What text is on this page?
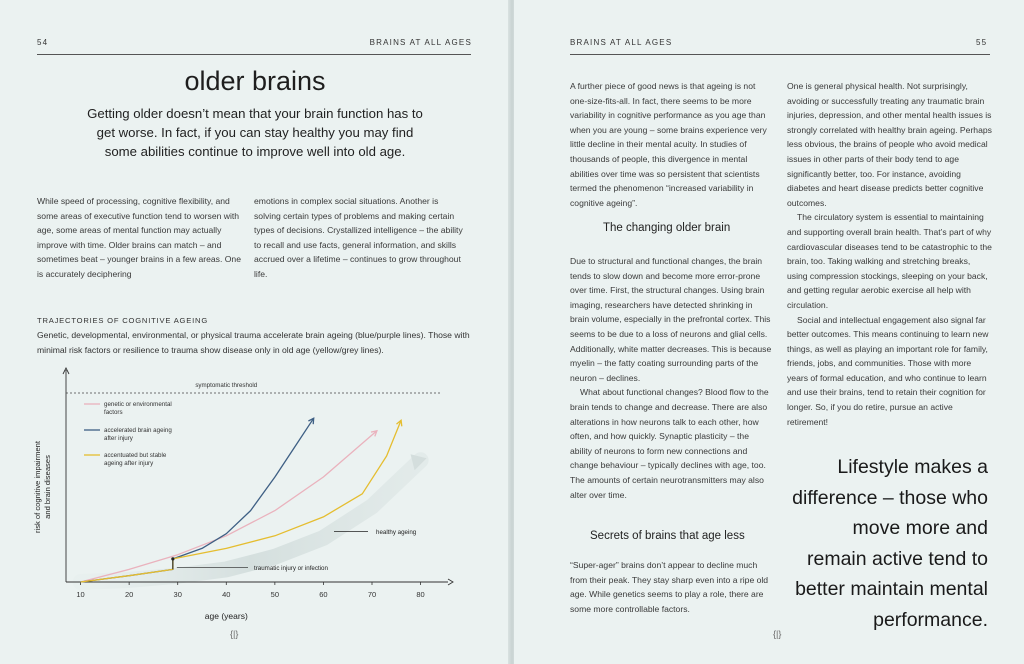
54	BRAINS AT ALL AGES
older brains
Getting older doesn’t mean that your brain function has to get worse. In fact, if you can stay healthy you may find some abilities continue to improve well into old age.

While speed of processing, cognitive flexibility, and some areas of executive function tend to worsen with age, some areas of mental function may actually improve with time. Older brains can match – and sometimes beat – younger brains in a few areas. One is accurately deciphering

emotions in complex social situations. Another is solving certain types of problems and making certain types of decisions. Crystallized intelligence – the ability to recall and use facts, general information, and skills accrued over a lifetime – continues to grow throughout life.

TRAJECTORIES OF COGNITIVE AGEING
Genetic, developmental, environmental, or physical trauma accelerate brain ageing (blue/purple lines). Those with minimal risk factors or resilience to trauma show disease only in old age (yellow/grey lines).
10	20	30	40	50	60	70	80
age (years)
risk of cognitive impairment and brain diseases
symptomatic threshold
traumatic injury or infection
healthy ageing
genetic or environmental
factors
accelerated brain ageing
after injury
accentuated but stable
ageing after injury
{|}
BRAINS AT ALL AGES	55

A further piece of good news is that ageing is not one-size-fits-all. In fact, there seems to be more variability in cognitive performance as you age than when you are young – some brains experience very little decline in their mental acuity. In studies of thousands of people, this divergence in mental abilities over time was so persistent that scientists termed the phenomenon “increased variability in cognitive ageing”.

The changing older brain

Due to structural and functional changes, the brain tends to slow down and become more error-prone over time. First, the structural changes. Using brain imaging, researchers have detected shrinking in brain volume, especially in the prefrontal cortex. This seems to be due to a loss of neurons and glial cells. Additionally, white matter decreases. This is because myelin – the fatty coating surrounding parts of the neuron – declines.

What about functional changes? Blood flow to the brain tends to change and decrease. There are also alterations in how neurons talk to each other, how often, and how quickly. Synaptic plasticity – the ability of neurons to form new connections and change behaviour – typically declines with age, too. The amounts of certain neurotransmitters may also alter over time.

Secrets of brains that age less

“Super-ager” brains don’t appear to decline much from their peak. They stay sharp even into a ripe old age. While genetics seems to play a role, there are some more controllable factors.

One is general physical health. Not surprisingly, avoiding or successfully treating any traumatic brain injuries, depression, and other mental health issues is strongly correlated with healthy brain ageing. Perhaps less obvious, the brains of people who avoid medical issues in other parts of their body tend to age significantly better, too. For instance, avoiding diabetes and heart disease predicts better cognitive outcomes.

The circulatory system is essential to maintaining and supporting overall brain health. That’s part of why cardiovascular diseases tend to be catastrophic to the brain, too. Taking walking and stretching breaks, using compression stockings, sleeping on your back, and getting regular aerobic exercise all help with circulation.

Social and intellectual engagement also signal far better outcomes. This means continuing to learn new things, as well as playing an important role for family, friends, jobs, and communities. Those with more years of formal education, and who continue to learn and use their brains, tend to retain their cognition for longer. So, if you do retire, pursue an active retirement!

Lifestyle makes a difference – those who move more and remain active tend to better maintain mental performance.
{|}
